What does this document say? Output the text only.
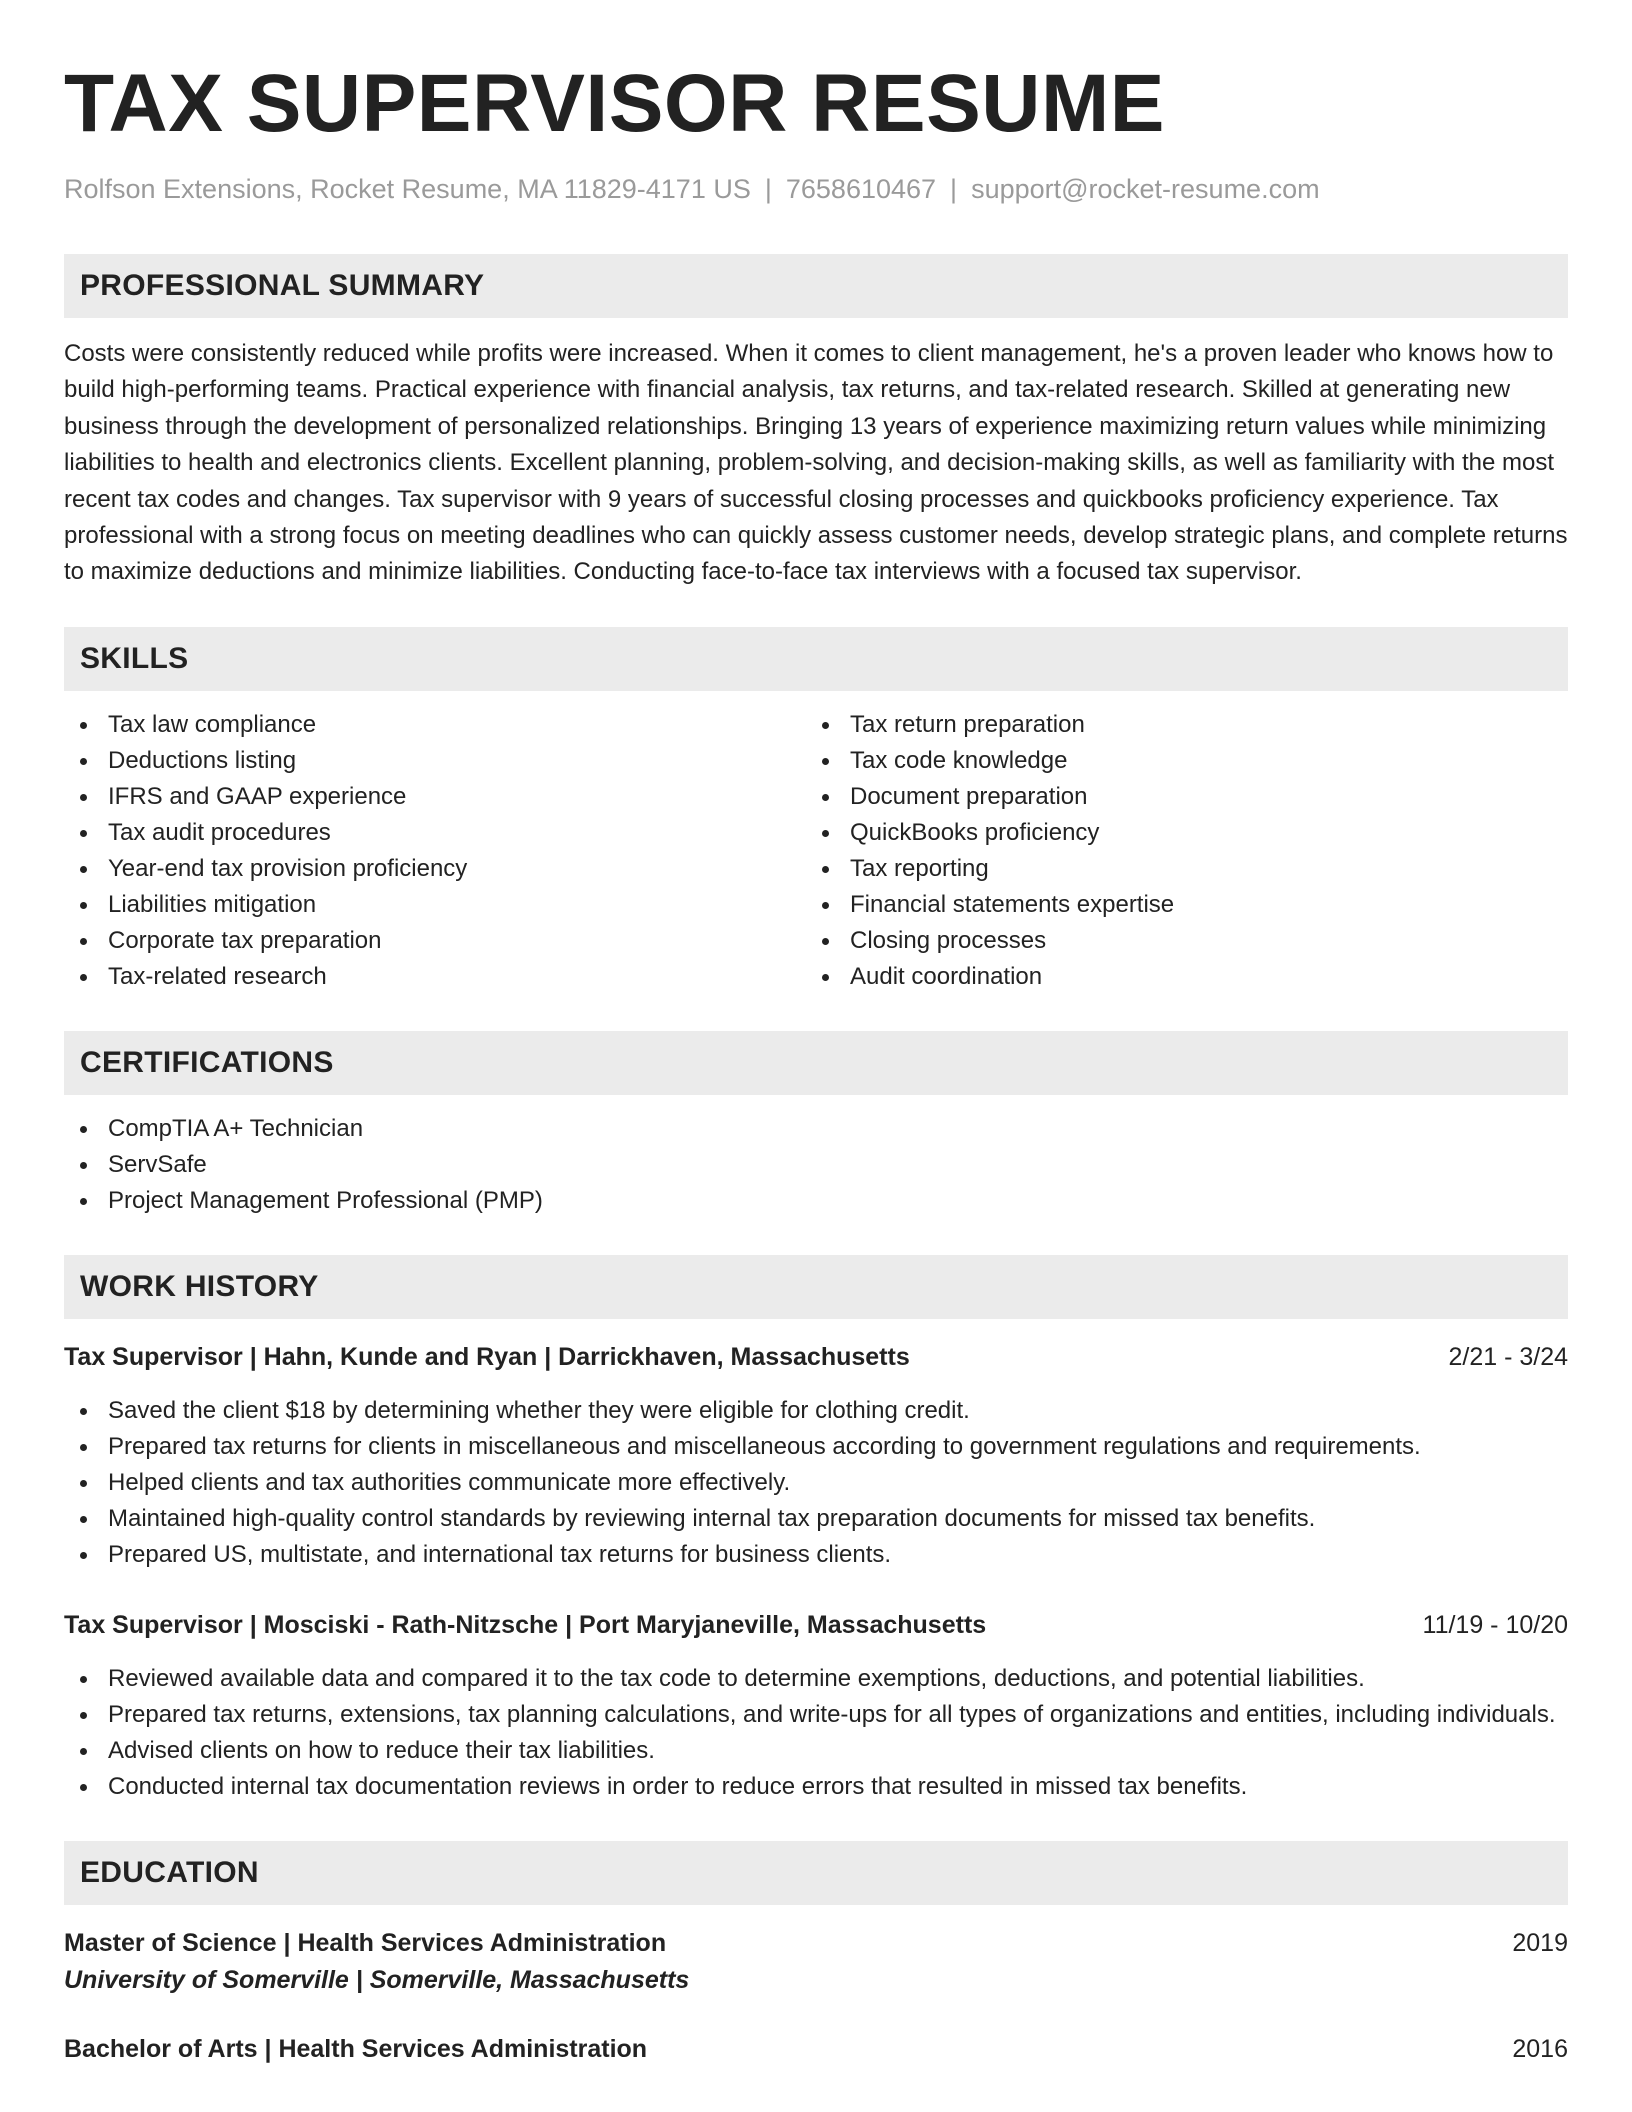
TAX SUPERVISOR RESUME
Rolfson Extensions, Rocket Resume, MA 11829-4171 US | 7658610467 | support@rocket-resume.com
PROFESSIONAL SUMMARY

Costs were consistently reduced while profits were increased. When it comes to client management, he's a proven leader who knows how to build high-performing teams. Practical experience with financial analysis, tax returns, and tax-related research. Skilled at generating new business through the development of personalized relationships. Bringing 13 years of experience maximizing return values while minimizing liabilities to health and electronics clients. Excellent planning, problem-solving, and decision-making skills, as well as familiarity with the most recent tax codes and changes. Tax supervisor with 9 years of successful closing processes and quickbooks proficiency experience. Tax professional with a strong focus on meeting deadlines who can quickly assess customer needs, develop strategic plans, and complete returns to maximize deductions and minimize liabilities. Conducting face-to-face tax interviews with a focused tax supervisor.

SKILLS
Tax law compliance
Deductions listing
IFRS and GAAP experience
Tax audit procedures
Year-end tax provision proficiency
Liabilities mitigation
Corporate tax preparation
Tax-related research
Tax return preparation
Tax code knowledge
Document preparation
QuickBooks proficiency
Tax reporting
Financial statements expertise
Closing processes
Audit coordination
CERTIFICATIONS
CompTIA A+ Technician
ServSafe
Project Management Professional (PMP)
WORK HISTORY
Tax Supervisor | Hahn, Kunde and Ryan | Darrickhaven, Massachusetts	2/21 - 3/24
Saved the client $18 by determining whether they were eligible for clothing credit.
Prepared tax returns for clients in miscellaneous and miscellaneous according to government regulations and requirements.
Helped clients and tax authorities communicate more effectively.
Maintained high-quality control standards by reviewing internal tax preparation documents for missed tax benefits.
Prepared US, multistate, and international tax returns for business clients.
Tax Supervisor | Mosciski - Rath-Nitzsche | Port Maryjaneville, Massachusetts	11/19 - 10/20
Reviewed available data and compared it to the tax code to determine exemptions, deductions, and potential liabilities.
Prepared tax returns, extensions, tax planning calculations, and write-ups for all types of organizations and entities, including individuals.
Advised clients on how to reduce their tax liabilities.
Conducted internal tax documentation reviews in order to reduce errors that resulted in missed tax benefits.
EDUCATION
Master of Science | Health Services Administration	2019
University of Somerville | Somerville, Massachusetts
Bachelor of Arts | Health Services Administration	2016
